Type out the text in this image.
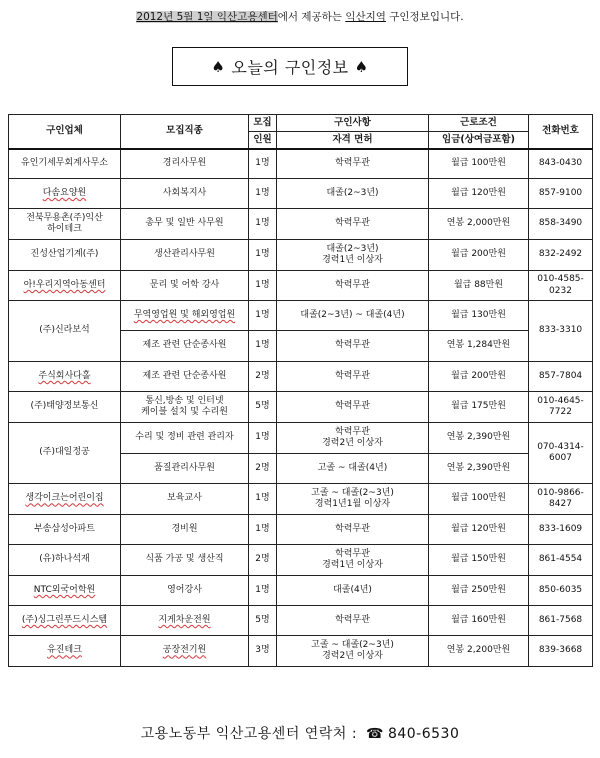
2012년 5월 1일 익산고용센터에서 제공하는 익산지역 구인정보입니다.
♠ 오늘의 구인정보 ♠
구인업체	모집직종	모집	구인사항	근로조건	전화번호
		인원	자격 면허	임금(상여금포함)	
유인기세무회계사무소	경리사무원	1명	학력무관	월급 100만원	843-0430
다솜요양원	사회복지사	1명	대졸(2~3년)	월급 120만원	857-9100

전북무용촌(주)익산
하이테크	총무 및 일반 사무원	1명	학력무관	연봉 2,000만원	858-3490
진성산업기계(주)	생산관리사무원	1명	대졸(2~3년)
경력1년 이상자	월급 200만원	832-2492
아!우리지역아동센터	문리 및 어학 강사	1명	학력무관	월급 88만원	010-4585-0232
(주)신라보석	무역영업원 및 해외영업원	1명	대졸(2~3년) ~ 대졸(4년)	월급 130만원	833-3310
	제조 관련 단순종사원	1명	학력무관	연봉 1,284만원	
주식회사다홀	제조 관련 단순종사원	2명	학력무관	월급 200만원	857-7804
(주)태양정보통신	통신,방송 및 인터넷
케이블 설치 및 수리원	5명	학력무관	월급 175만원	010-4645-7722
(주)대일정공	수리 및 정비 관련 관리자	1명	학력무관
경력2년 이상자	연봉 2,390만원	070-4314-6007
	품질관리사무원	2명	고졸 ~ 대졸(4년)	연봉 2,390만원	
생각이크는어린이집	보육교사	1명	고졸 ~ 대졸(2~3년)
경력1년1월 이상자	월급 100만원	010-9866-8427
부송삼성아파트	경비원	1명	학력무관	월급 120만원	833-1609
(유)하나석재	식품 가공 및 생산직	2명	학력무관
경력1년 이상자	월급 150만원	861-4554
NTC외국어학원	영어강사	1명	대졸(4년)	월급 250만원	850-6035
(주)싱그린푸드시스템	지게차운전원	5명	학력무관	월급 160만원	861-7568
유진테크	공장전기원	3명	고졸 ~ 대졸(2~3년)
경력2년 이상자	연봉 2,200만원	839-3668
고용노동부 익산고용센터 연락처 : ☎ 840-6530
